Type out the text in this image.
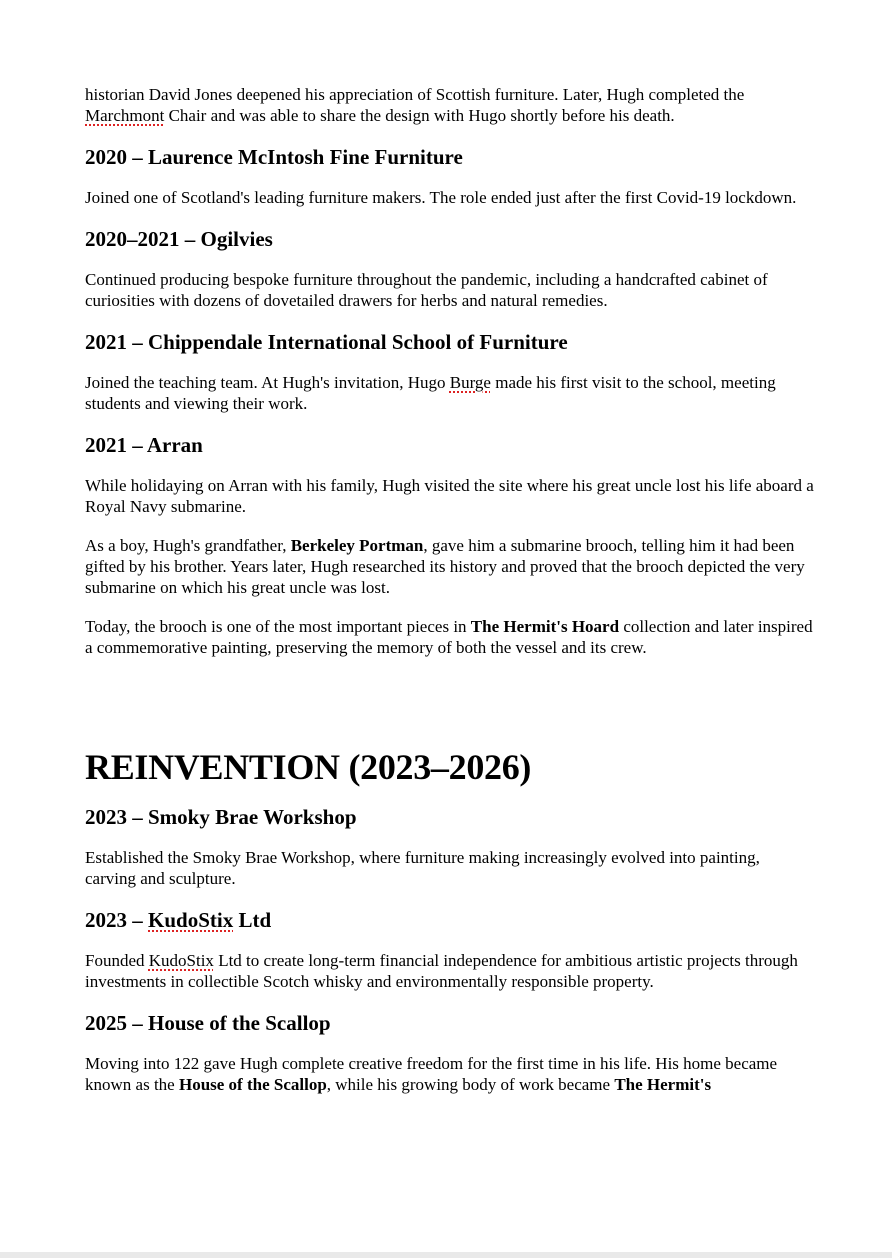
historian David Jones deepened his appreciation of Scottish furniture. Later, Hugh completed the Marchmont Chair and was able to share the design with Hugo shortly before his death.

2020 – Laurence McIntosh Fine Furniture

Joined one of Scotland's leading furniture makers. The role ended just after the first Covid-19 lockdown.

2020–2021 – Ogilvies

Continued producing bespoke furniture throughout the pandemic, including a handcrafted cabinet of curiosities with dozens of dovetailed drawers for herbs and natural remedies.

2021 – Chippendale International School of Furniture

Joined the teaching team. At Hugh's invitation, Hugo Burge made his first visit to the school, meeting students and viewing their work.

2021 – Arran

While holidaying on Arran with his family, Hugh visited the site where his great uncle lost his life aboard a Royal Navy submarine.

As a boy, Hugh's grandfather, Berkeley Portman, gave him a submarine brooch, telling him it had been gifted by his brother. Years later, Hugh researched its history and proved that the brooch depicted the very submarine on which his great uncle was lost.

Today, the brooch is one of the most important pieces in The Hermit's Hoard collection and later inspired a commemorative painting, preserving the memory of both the vessel and its crew.

REINVENTION (2023–2026)
2023 – Smoky Brae Workshop

Established the Smoky Brae Workshop, where furniture making increasingly evolved into painting, carving and sculpture.

2023 – KudoStix Ltd

Founded KudoStix Ltd to create long-term financial independence for ambitious artistic projects through investments in collectible Scotch whisky and environmentally responsible property.

2025 – House of the Scallop

Moving into 122 gave Hugh complete creative freedom for the first time in his life. His home became known as the House of the Scallop, while his growing body of work became The Hermit's
